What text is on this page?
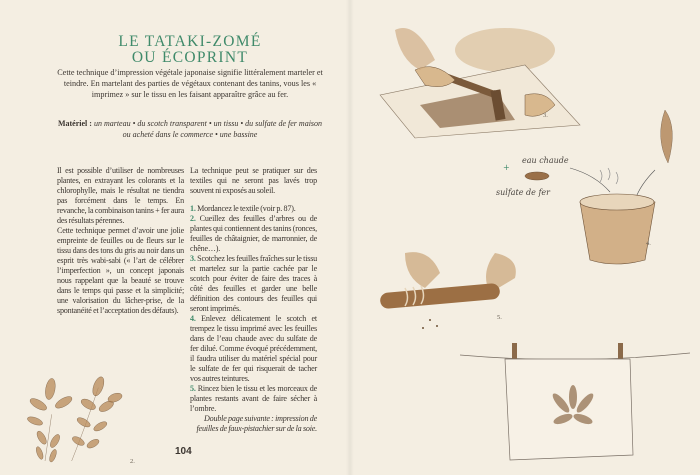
LE TATAKI-ZOMÉ
OU ÉCOPRINT
Cette technique d’impression végétale japonaise signifie littéralement marteler et teindre. En martelant des parties de végétaux contenant des tanins, vous les « imprimez » sur le tissu en les faisant apparaître grâce au fer.
Matériel : un marteau • du scotch transparent • un tissu • du sulfate de fer maison ou acheté dans le commerce • une bassine

Il est possible d’utiliser de nombreuses plantes, en extrayant les colorants et la chlorophylle, mais le résultat ne tiendra pas forcément dans le temps. En revanche, la combinaison tanins + fer aura des résultats pérennes.

Cette technique permet d’avoir une jolie empreinte de feuilles ou de fleurs sur le tissu dans des tons du gris au noir dans un esprit très wabi-sabi (« l’art de célébrer l’imperfection », un concept japonais nous rappelant que la beauté se trouve dans le temps qui passe et la simplicité; une valorisation du lâcher-prise, de la spontanéité et l’acceptation des défauts).

La technique peut se pratiquer sur des textiles qui ne seront pas lavés trop souvent ni exposés au soleil.

1. Mordancez le textile (voir p. 87).

2. Cueillez des feuilles d’arbres ou de plantes qui contiennent des tanins (ronces, feuilles de châtaignier, de marronnier, de chêne…).

3. Scotchez les feuilles fraîches sur le tissu et martelez sur la partie cachée par le scotch pour éviter de faire des traces à côté des feuilles et garder une belle définition des contours des feuilles qui seront imprimés.

4. Enlevez délicatement le scotch et trempez le tissu imprimé avec les feuilles dans de l’eau chaude avec du sulfate de fer dilué. Comme évoqué précédemment, il faudra utiliser du matériel spécial pour le sulfate de fer qui risquerait de tacher vos autres teintures.

5. Rincez bien le tissu et les morceaux de plantes restants avant de faire sécher à l’ombre.

Double page suivante : impression de feuilles de faux-pistachier sur de la soie.

2.
104
3.
eau chaude
+
sulfate de fer
4.
5.
